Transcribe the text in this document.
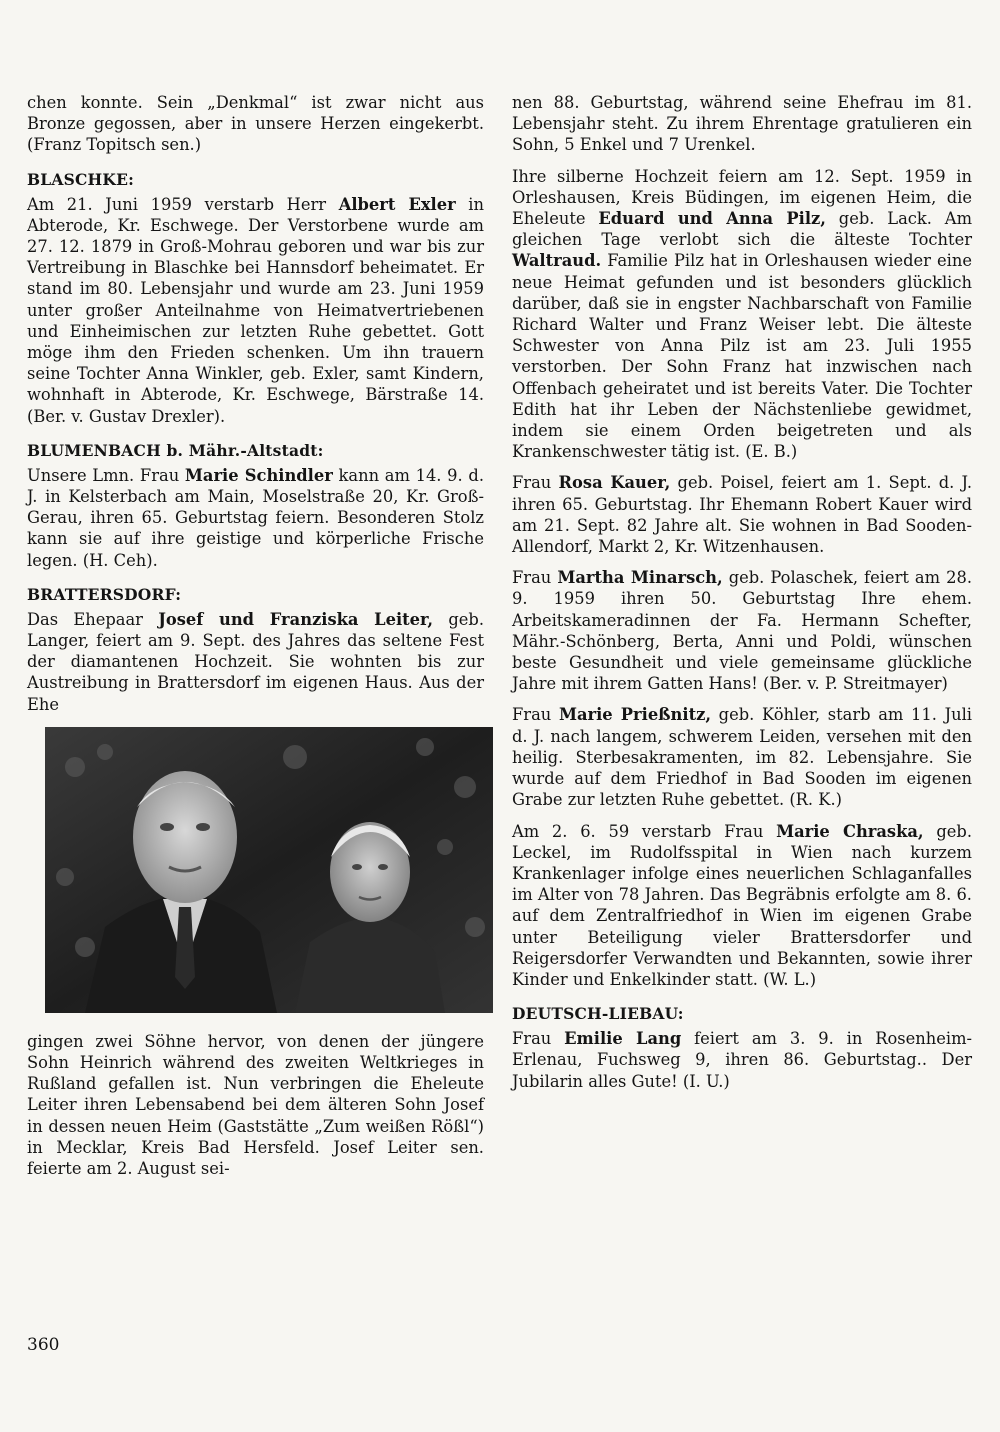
chen konnte. Sein „Denkmal“ ist zwar nicht aus Bronze gegossen, aber in unsere Herzen eingekerbt. (Franz Topitsch sen.)

BLASCHKE:

Am 21. Juni 1959 verstarb Herr Albert Exler in Abterode, Kr. Eschwege. Der Verstorbene wurde am 27. 12. 1879 in Groß-Mohrau geboren und war bis zur Vertreibung in Blaschke bei Hannsdorf beheimatet. Er stand im 80. Lebensjahr und wurde am 23. Juni 1959 unter großer Anteilnahme von Heimatvertriebenen und Einheimischen zur letzten Ruhe gebettet. Gott möge ihm den Frieden schenken. Um ihn trauern seine Tochter Anna Winkler, geb. Exler, samt Kindern, wohnhaft in Abterode, Kr. Eschwege, Bärstraße 14. (Ber. v. Gustav Drexler).

BLUMENBACH b. Mähr.-Altstadt:

Unsere Lmn. Frau Marie Schindler kann am 14. 9. d. J. in Kelsterbach am Main, Moselstraße 20, Kr. Groß-Gerau, ihren 65. Geburtstag feiern. Besonderen Stolz kann sie auf ihre geistige und körperliche Frische legen. (H. Ceh).

BRATTERSDORF:

Das Ehepaar Josef und Franziska Leiter, geb. Langer, feiert am 9. Sept. des Jahres das seltene Fest der diamantenen Hochzeit. Sie wohnten bis zur Austreibung in Brattersdorf im eigenen Haus. Aus der Ehe

gingen zwei Söhne hervor, von denen der jüngere Sohn Heinrich während des zweiten Weltkrieges in Rußland gefallen ist. Nun verbringen die Eheleute Leiter ihren Lebensabend bei dem älteren Sohn Josef in dessen neuen Heim (Gaststätte „Zum weißen Rößl“) in Mecklar, Kreis Bad Hersfeld. Josef Leiter sen. feierte am 2. August sei-

nen 88. Geburtstag, während seine Ehefrau im 81. Lebensjahr steht. Zu ihrem Ehrentage gratulieren ein Sohn, 5 Enkel und 7 Urenkel.

Ihre silberne Hochzeit feiern am 12. Sept. 1959 in Orleshausen, Kreis Büdingen, im eigenen Heim, die Eheleute Eduard und Anna Pilz, geb. Lack. Am gleichen Tage verlobt sich die älteste Tochter Waltraud. Familie Pilz hat in Orleshausen wieder eine neue Heimat gefunden und ist besonders glücklich darüber, daß sie in engster Nachbarschaft von Familie Richard Walter und Franz Weiser lebt. Die älteste Schwester von Anna Pilz ist am 23. Juli 1955 verstorben. Der Sohn Franz hat inzwischen nach Offenbach geheiratet und ist bereits Vater. Die Tochter Edith hat ihr Leben der Nächstenliebe gewidmet, indem sie einem Orden beigetreten und als Krankenschwester tätig ist. (E. B.)

Frau Rosa Kauer, geb. Poisel, feiert am 1. Sept. d. J. ihren 65. Geburtstag. Ihr Ehemann Robert Kauer wird am 21. Sept. 82 Jahre alt. Sie wohnen in Bad Sooden-Allendorf, Markt 2, Kr. Witzenhausen.

Frau Martha Minarsch, geb. Polaschek, feiert am 28. 9. 1959 ihren 50. Geburtstag Ihre ehem. Arbeitskameradinnen der Fa. Hermann Schefter, Mähr.-Schönberg, Berta, Anni und Poldi, wünschen beste Gesundheit und viele gemeinsame glückliche Jahre mit ihrem Gatten Hans! (Ber. v. P. Streitmayer)

Frau Marie Prießnitz, geb. Köhler, starb am 11. Juli d. J. nach langem, schwerem Leiden, versehen mit den heilig. Sterbesakramenten, im 82. Lebensjahre. Sie wurde auf dem Friedhof in Bad Sooden im eigenen Grabe zur letzten Ruhe gebettet. (R. K.)

Am 2. 6. 59 verstarb Frau Marie Chraska, geb. Leckel, im Rudolfsspital in Wien nach kurzem Krankenlager infolge eines neuerlichen Schlaganfalles im Alter von 78 Jahren. Das Begräbnis erfolgte am 8. 6. auf dem Zentralfriedhof in Wien im eigenen Grabe unter Beteiligung vieler Brattersdorfer und Reigersdorfer Verwandten und Bekannten, sowie ihrer Kinder und Enkelkinder statt. (W. L.)

DEUTSCH-LIEBAU:

Frau Emilie Lang feiert am 3. 9. in Rosenheim-Erlenau, Fuchsweg 9, ihren 86. Geburtstag.. Der Jubilarin alles Gute! (I. U.)

360
